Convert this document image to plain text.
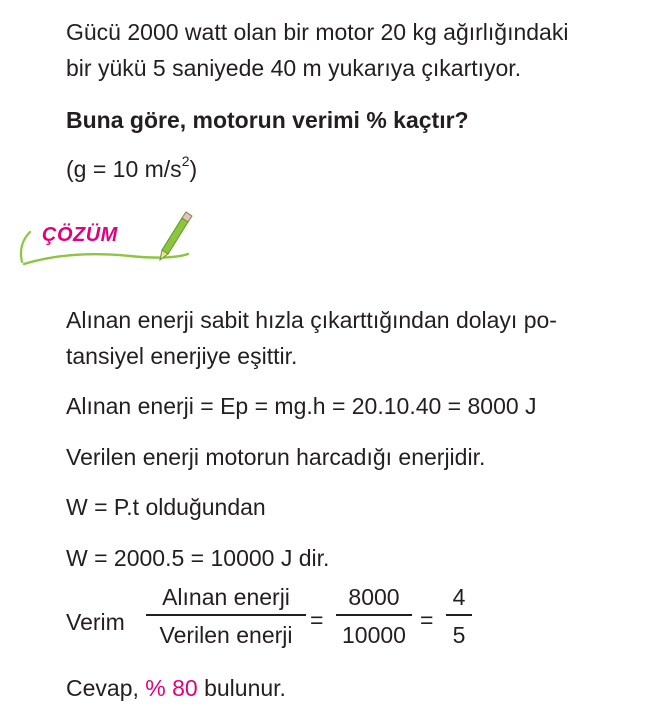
Gücü 2000 watt olan bir motor 20 kg ağırlığındaki
bir yükü 5 saniyede 40 m yukarıya çıkartıyor.
Buna göre, motorun verimi % kaçtır?
(g = 10 $m/s^2$)
ÇÖZÜM
Alınan enerji sabit hızla çıkarttığından dolayı po-
tansiyel enerjiye eşittir.
Alınan enerji = Ep = mg.h = 20.10.40 = 8000 J
Verilen enerji motorun harcadığı enerjidir.
W = P.t olduğundan
W = 2000.5 = 10000 J dir.
Verim
Alınan enerji
Verilen enerji
=
8000
10000
=
4
5
Cevap, % 80 bulunur.
